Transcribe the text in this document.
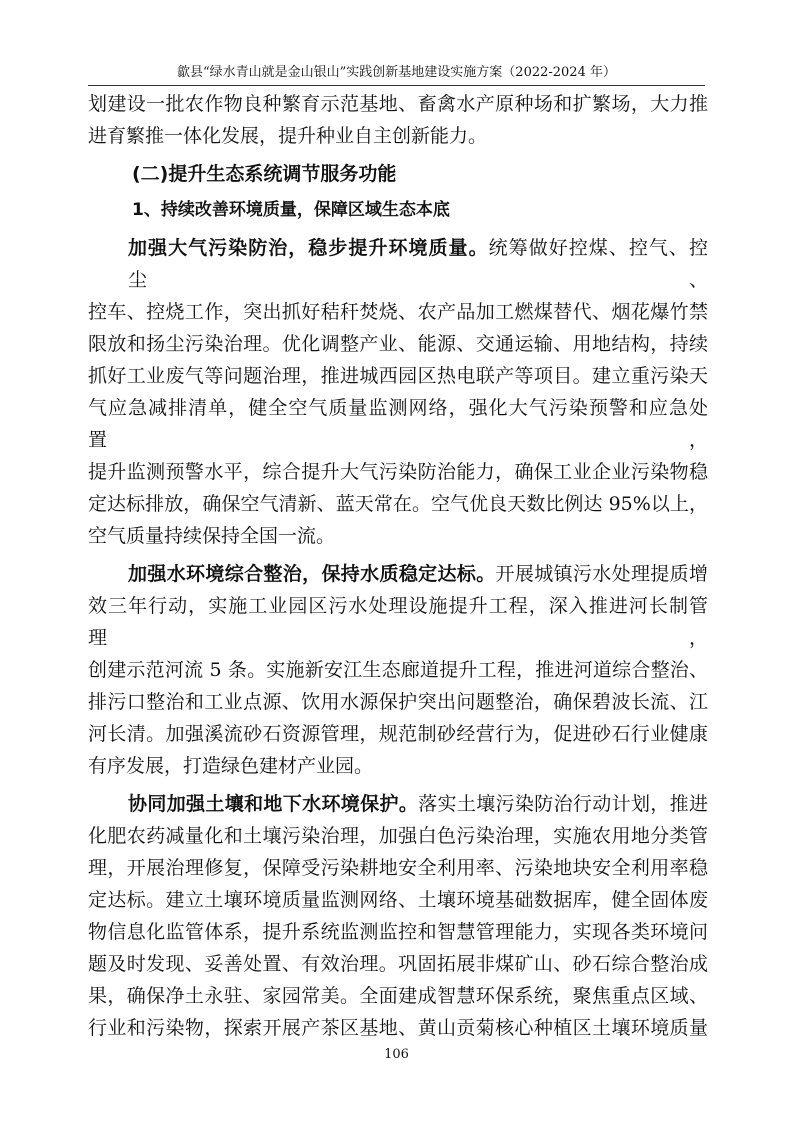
歙县“绿水青山就是金山银山”实践创新基地建设实施方案（2022-2024 年）

划建设一批农作物良种繁育示范基地、畜禽水产原种场和扩繁场，大力推

进育繁推一体化发展，提升种业自主创新能力。

(二)提升生态系统调节服务功能
1、持续改善环境质量，保障区域生态本底

加强大气污染防治，稳步提升环境质量。统筹做好控煤、控气、控尘、

控车、控烧工作，突出抓好秸秆焚烧、农产品加工燃煤替代、烟花爆竹禁

限放和扬尘污染治理。优化调整产业、能源、交通运输、用地结构，持续

抓好工业废气等问题治理，推进城西园区热电联产等项目。建立重污染天

气应急减排清单，健全空气质量监测网络，强化大气污染预警和应急处置，

提升监测预警水平，综合提升大气污染防治能力，确保工业企业污染物稳

定达标排放，确保空气清新、蓝天常在。空气优良天数比例达 95%以上，

空气质量持续保持全国一流。

加强水环境综合整治，保持水质稳定达标。开展城镇污水处理提质增

效三年行动，实施工业园区污水处理设施提升工程，深入推进河长制管理，

创建示范河流 5 条。实施新安江生态廊道提升工程，推进河道综合整治、

排污口整治和工业点源、饮用水源保护突出问题整治，确保碧波长流、江

河长清。加强溪流砂石资源管理，规范制砂经营行为，促进砂石行业健康

有序发展，打造绿色建材产业园。

协同加强土壤和地下水环境保护。落实土壤污染防治行动计划，推进

化肥农药减量化和土壤污染治理，加强白色污染治理，实施农用地分类管

理，开展治理修复，保障受污染耕地安全利用率、污染地块安全利用率稳

定达标。建立土壤环境质量监测网络、土壤环境基础数据库，健全固体废

物信息化监管体系，提升系统监测监控和智慧管理能力，实现各类环境问

题及时发现、妥善处置、有效治理。巩固拓展非煤矿山、砂石综合整治成

果，确保净土永驻、家园常美。全面建成智慧环保系统，聚焦重点区域、

行业和污染物，探索开展产茶区基地、黄山贡菊核心种植区土壤环境质量

106
